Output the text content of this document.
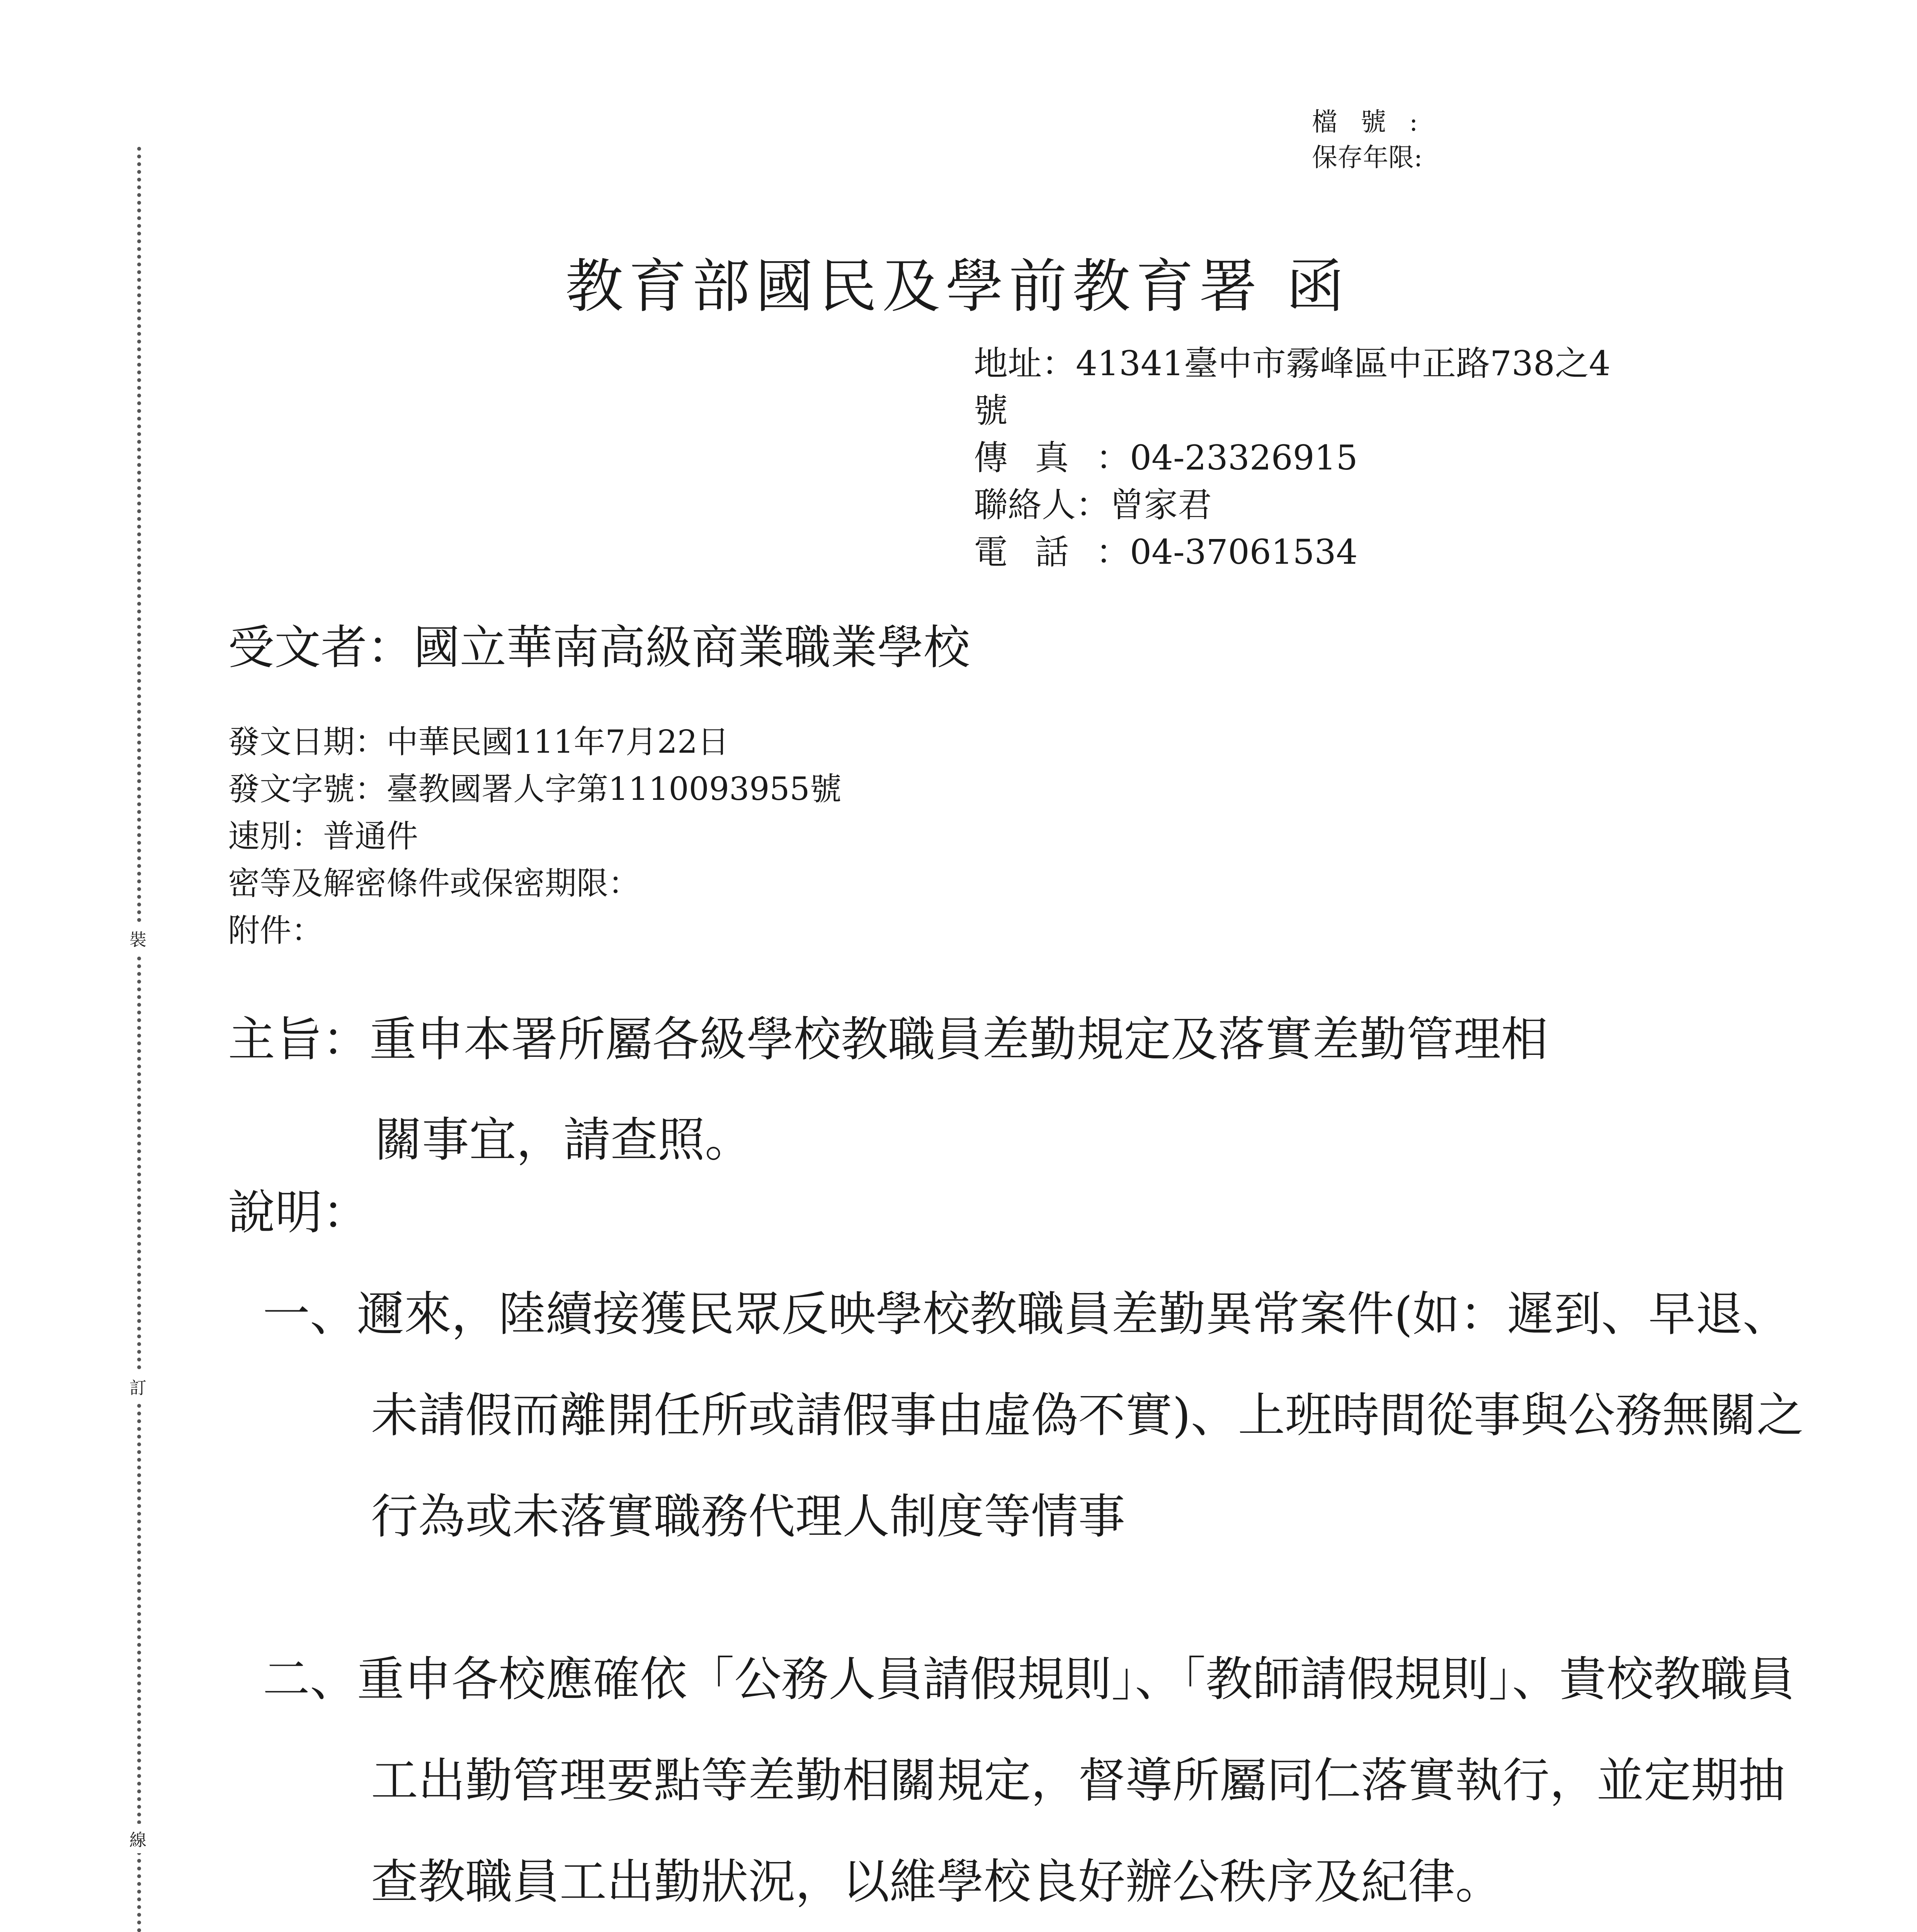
裝
訂
線
檔號:
保存年限:
教育部國民及學前教育署 函
地址：41341臺中市霧峰區中正路738之4
號
傳真：04-23326915
聯絡人：曾家君
電話：04-37061534
受文者：國立華南高級商業職業學校
發文日期：中華民國111年7月22日
發文字號：臺教國署人字第1110093955號
速別：普通件
密等及解密條件或保密期限：
附件：
主旨：重申本署所屬各級學校教職員差勤規定及落實差勤管理相
關事宜，請查照。
說明：
一、邇來，陸續接獲民眾反映學校教職員差勤異常案件(如：遲到、早退、未請假而離開任所或請假事由虛偽不實)、上班時間從事與公務無關之行為或未落實職務代理人制度等情事
二、重申各校應確依「公務人員請假規則」、「教師請假規則」、貴校教職員工出勤管理要點等差勤相關規定，督導所屬同仁落實執行，並定期抽查教職員工出勤狀況，以維學校良好辦公秩序及紀律。
